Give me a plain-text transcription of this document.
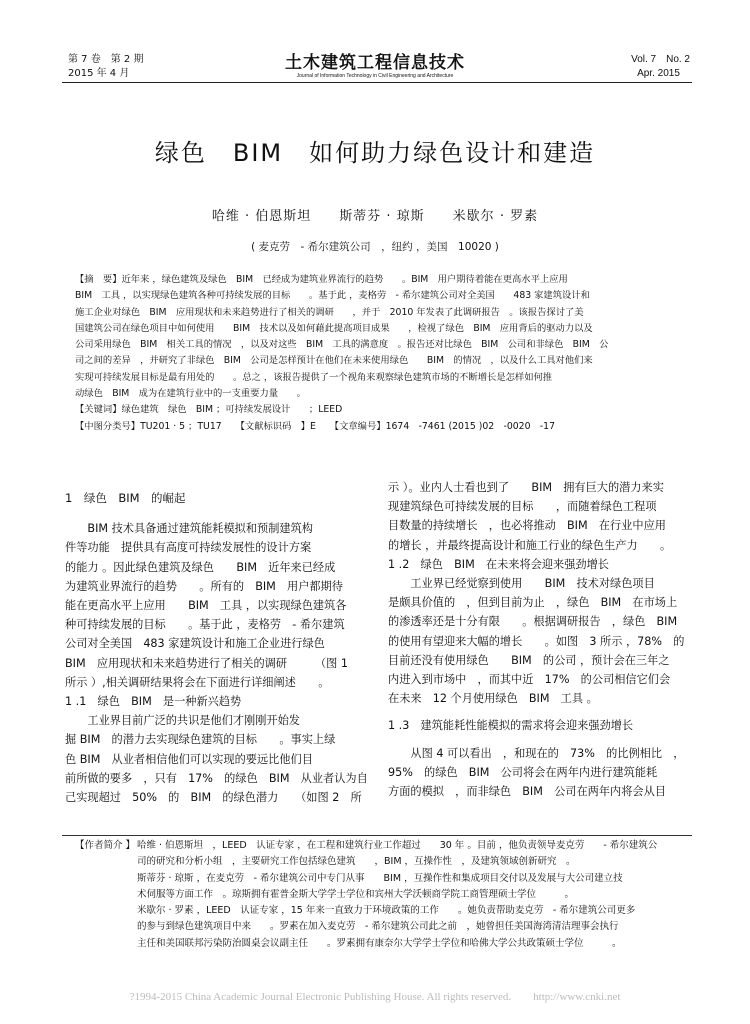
第 7 卷　第 2 期
2015 年 4 月
土木建筑工程信息技术
Journal of Information Technology in Civil Engineering and Architecture
Vol. 7　No. 2
Apr. 2015
绿色　BIM　如何助力绿色设计和建造
哈维 · 伯恩斯坦　　斯蒂芬 · 琼斯　　米歇尔 · 罗素
( 麦克劳　- 希尔建筑公司　，纽约 ，美国　10020 )

【摘　要】近年来 ，绿色建筑及绿色　BIM　已经成为建筑业界流行的趋势　　。BIM　用户期待着能在更高水平上应用

BIM　工具 ，以实现绿色建筑各种可持续发展的目标　　。基于此 ，麦格劳　- 希尔建筑公司对全美国　　483 家建筑设计和

施工企业对绿色　BIM　应用现状和未来趋势进行了相关的调研　　，并于　2010 年发表了此调研报告　。该报告探讨了美

国建筑公司在绿色项目中如何使用　　BIM　技术以及如何藉此提高项目成果　　，检视了绿色　BIM　应用背后的驱动力以及

公司采用绿色　BIM　相关工具的情况　，以及对这些　BIM　工具的满意度　。报告还对比绿色　BIM　公司和非绿色　BIM　公

司之间的差异　，并研究了非绿色　BIM　公司是怎样预计在他们在未来使用绿色　　BIM　的情况　，以及什么工具对他们来

实现可持续发展目标是最有用处的　　。总之 ，该报告提供了一个视角来观察绿色建筑市场的不断增长是怎样如何推

动绿色　BIM　成为在建筑行业中的一支重要力量　　。

【关键词】绿色建筑　绿色　BIM ；可持续发展设计　　；LEED

【中图分类号】TU201 · 5 ；TU17　　【文献标识码　】E　　【文章编号】1674　-7461 (2015 )02　-0020　-17

1　绿色　BIM　的崛起

BIM 技术具备通过建筑能耗模拟和预制建筑构

件等功能　提供具有高度可持续发展性的设计方案

的能力 。因此绿色建筑及绿色　　BIM　近年来已经成

为建筑业界流行的趋势　　。所有的　BIM　用户都期待

能在更高水平上应用　　BIM　工具 ，以实现绿色建筑各

种可持续发展的目标　　。基于此 ，麦格劳　- 希尔建筑

公司对全美国　483 家建筑设计和施工企业进行绿色

BIM　应用现状和未来趋势进行了相关的调研　　　（图 1

所示 ）,相关调研结果将会在下面进行详细阐述　　。

1 .1　绿色　BIM　是一种新兴趋势

工业界目前广泛的共识是他们才刚刚开始发

掘 BIM　的潜力去实现绿色建筑的目标　　。事实上绿

色 BIM　从业者相信他们可以实现的要远比他们目

前所做的要多　，只有　17%　的绿色　BIM　从业者认为自

己实现超过　50%　的　BIM　的绿色潜力　　（如图 2　所

示 ）。业内人士看也到了　　BIM　拥有巨大的潜力来实

现建筑绿色可持续发展的目标　　，而随着绿色工程项

目数量的持续增长　，也必将推动　BIM　在行业中应用

的增长 ，并最终提高设计和施工行业的绿色生产力　　。

1 .2　绿色　BIM　在未来将会迎来强劲增长

工业界已经觉察到使用　　BIM　技术对绿色项目

是颇具价值的　，但到目前为止　，绿色　BIM　在市场上

的渗透率还是十分有限　　。根据调研报告　，绿色　BIM

的使用有望迎来大幅的增长　　。如图　3 所示 ，78%　的

目前还没有使用绿色　　BIM　的公司 ，预计会在三年之

内进入到市场中　，而其中近　17%　的公司相信它们会

在未来　12 个月使用绿色　BIM　工具 。

1 .3　建筑能耗性能模拟的需求将会迎来强劲增长

从图 4 可以看出　，和现在的　73%　的比例相比　，

95%　的绿色　BIM　公司将会在两年内进行建筑能耗

方面的模拟　，而非绿色　BIM　公司在两年内将会从目

【作者简介 】 哈维 · 伯恩斯坦　，LEED　认证专家 ，在工程和建筑行业工作超过　　30 年 。目前 ，他负责领导麦克劳　　- 希尔建筑公

司的研究和分析小组　，主要研究工作包括绿色建筑　　，BIM ，互操作性　，及建筑领域创新研究　。

斯蒂芬 · 琼斯 ，在麦克劳　- 希尔建筑公司中专门从事　　BIM ，互操作性和集成项目交付以及发展与大公司建立技

术伺服等方面工作　。琼斯拥有霍普金斯大学学士学位和宾州大学沃顿商学院工商管理硕士学位　　　。

米歇尔 · 罗素 ，LEED　认证专家 ，15 年来一直致力于环境政策的工作　　。她负责帮助麦克劳　- 希尔建筑公司更多

的参与到绿色建筑项目中来　　。罗素在加入麦克劳　- 希尔建筑公司此之前　，她曾担任美国海湾清洁理事会执行

主任和美国联邦污染防治圆桌会议副主任　　。罗素拥有康奈尔大学学士学位和哈佛大学公共政策硕士学位　　　。

?1994-2015 China Academic Journal Electronic Publishing House. All rights reserved.　　http://www.cnki.net
